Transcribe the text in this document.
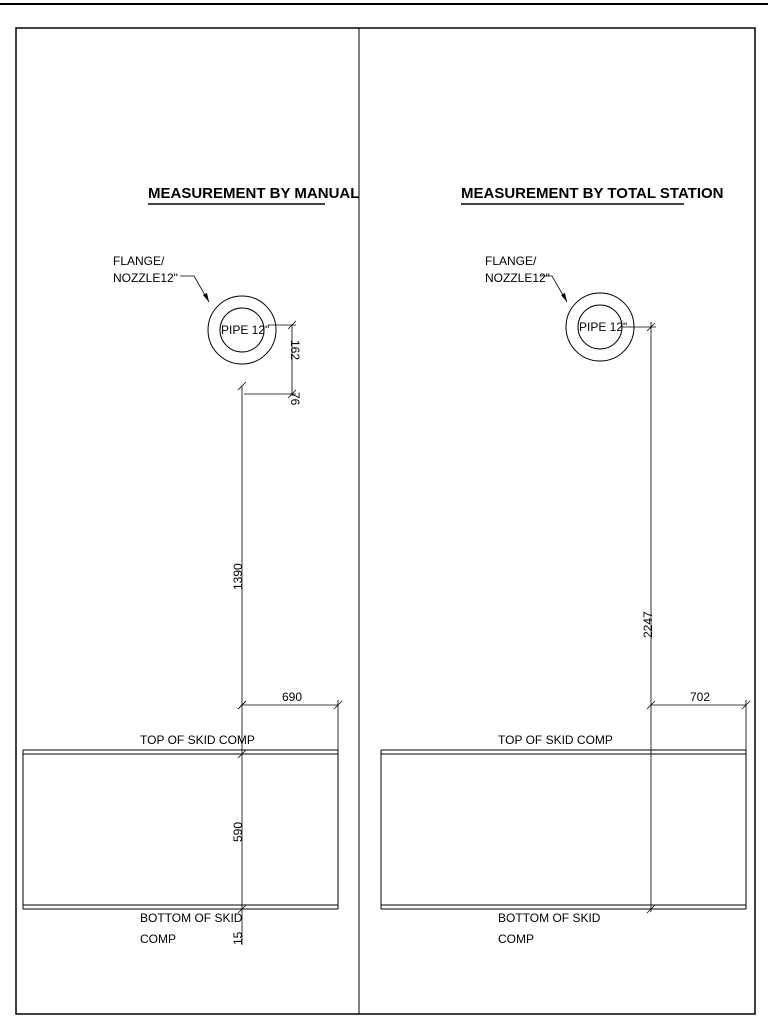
MEASUREMENT BY MANUAL
FLANGE/
NOZZLE12"
PIPE 12"
76
162
1390
690
TOP OF SKID COMP
590
15
BOTTOM OF SKID
COMP
MEASUREMENT BY TOTAL STATION
FLANGE/
NOZZLE12"
PIPE 12"
2247
702
TOP OF SKID COMP
BOTTOM OF SKID
COMP
